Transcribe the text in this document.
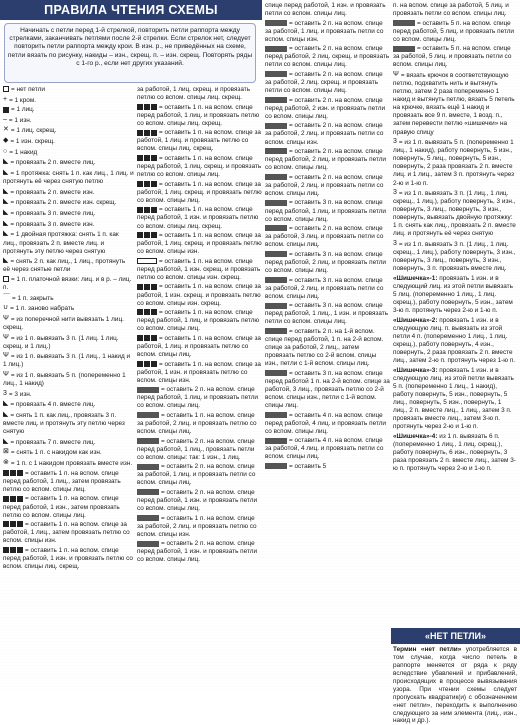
ПРАВИЛА ЧТЕНИЯ СХЕМЫ
Начинать с петли перед 1-й стрелкой, повторить петли раппорта между стрелками, заканчивать петлями после 2-й стрелки. Если стрелок нет, следует повторить петли раппорта между крои. В изн. р., не приведённых на схеме, петли вязать по рисунку, накиды – изн., скрещ. п. – изн. скрещ. Повторять ряды с 1-го р., если нет других указаний.
= нет петли
+ = 1 кром.
= 1 лиц.
– = 1 изн.
✕ = 1 лиц. скрещ.
◆ = 1 изн. скрещ.
○ = 1 накид
◣ = провязать 2 п. вместе лиц.
◣ = 1 протяжка: снять 1 п. как лиц., 1 лиц. и протянуть её через снятую петлю
◣ = провязать 2 п. вместе изн.
◣ = провязать 2 п. вместе изн. скрещ.
◣ = провязать 3 п. вместе лиц.
◣ = провязать 3 п. вместе изн.
◣ = 1 двойная протяжка: снять 1 п. как лиц., провязать 2 п. вместе лиц. и протянуть эту петлю через снятую
◣ = снять 2 п. как лиц., 1 лиц., протянуть её через снятые петли
= 1 п. платочной вязки: лиц. и в р. – лиц. п.
⌒ = 1 п. закрыть
∪ = 1 п. заново набрать
Ψ = из поперечной нити вывязать 1 лиц. скрещ.
Ψ = из 1 п. вывязать 3 п. (1 лиц. 1 лиц. скрещ. и 1 лиц.)
Ψ = из 1 п. вывязать 3 п. (1 лиц., 1 накид и 1 лиц.)
Ψ = из 1 п. вывязать 5 п. (попеременно 1 лиц., 1 накид)
3 = 3 изн.
◣ = провязать 4 п. вместе лиц.
◣ = снять 1 п. как лиц., провязать 3 п. вместе лиц. и протянуть эту петлю через снятую
◣ = провязать 7 п. вместе лиц.
⊠ = снять 1 п. с накидом как изн.
⊗ = 1 п. с 1 накидом провязать вместе изн.
= оставить 1 п. на вспом. спице перед работой, 1 лиц., затем провязать петлю со вспом. спицы лиц.
= оставить 1 п. на вспом. спице перед работой, 1 изн., затем провязать петлю со вспом. спицы лиц.
= оставить 1 п. на вспом. спице за работой, 1 лиц., затем провязать петлю со вспом. спицы изн.
= оставить 1 п. на вспом. спице перед работой, 1 изн. и провязать петлю со вспом. спицы лиц. скрещ.
за работой, 1 лиц. скрещ. и провязать петлю со вспом. спицы лиц. скрещ.
= оставить 1 п. на вспом. спице перед работой, 1 лиц. и провязать петлю со вспом. спицы лиц. скрещ.
= оставить 1 п. на вспом. спице за работой, 1 лиц. и провязать петлю со вспом. спицы лиц. скрещ.
= оставить 1 п. на вспом. спице перед работой, 1 лиц. скрещ. и провязать петлю со вспом. спицы лиц.
= оставить 1 п. на вспом. спице за работой, 1 лиц. скрещ. и провязать петлю со вспом. спицы лиц.
= оставить 1 п. на вспом. спице перед работой, 1 изн. и провязать петлю со вспом. спицы лиц. скрещ.
= оставить 1 п. на вспом. спице за работой, 1 лиц. скрещ. и провязать петлю со вспом. спицы изн.
= оставить 1 п. на вспом. спице перед работой, 1 изн. скрещ. и провязать петлю со вспом. спицы изн. скрещ.
= оставить 1 п. на вспом. спице за работой, 1 изн. скрещ. и провязать петлю со вспом. спицы изн. скрещ.
= оставить 1 п. на вспом. спице перед работой, 1 лиц. и провязать петлю со вспом. спицы лиц.
= оставить 1 п. на вспом. спице за работой, 1 лиц. и провязать петлю со вспом. спицы лиц.
= оставить 1 п. на вспом. спице за работой, 1 изн. и провязать петлю со вспом. спицы изн.
= оставить 2 п. на вспом. спице перед работой, 1 лиц. и провязать петли со вспом. спицы лиц.
= оставить 1 п. на вспом. спице за работой, 2 лиц. и провязать петлю со вспом. спицы лиц.
= оставить 2 п. на вспом. спице перед работой, 1 лиц., провязать петли со вспом. спицы: так: 1 изн., 1 лиц.
= оставить 2 п. на вспом. спице за работой, 1 лиц. и провязать петли со вспом. спицы лиц.
= оставить 2 п. на вспом. спице перед работой, 1 изн. и провязать петли со вспом. спицы лиц.
= оставить 1 п. на вспом. спице за работой, 2 лиц. и провязать петлю со вспом. спицы изн.
= оставить 2 п. на вспом. спице перед работой, 1 изн. и провязать петли со вспом. спицы лиц.
спице перед работой, 1 изн. и провязать петли со вспом. спицы лиц.
= оставить 2 п. на вспом. спице за работой, 1 лиц. и провязать петли со вспом. спицы изн.
= оставить 2 п. на вспом. спице перед работой, 2 лиц. скрещ. и провязать петли со вспом. спицы лиц.
= оставить 2 п. на вспом. спице за работой, 2 лиц. скрещ. и провязать петли со вспом. спицы лиц.
= оставить 2 п. на вспом. спице перед работой, 2 изн. и провязать петли со вспом. спицы лиц.
= оставить 2 п. на вспом. спице за работой, 2 лиц. и провязать петли со вспом. спицы изн.
= оставить 2 п. на вспом. спице перед работой, 2 лиц. и провязать петли со вспом. спицы лиц.
= оставить 2 п. на вспом. спице за работой, 2 лиц. и провязать петли со вспом. спицы лиц.
= оставить 3 п. на вспом. спице перед работой, 1 лиц. и провязать петли со вспом. спицы лиц.
= оставить 2 п. на вспом. спице за работой, 3 лиц. и провязать петли со вспом. спицы лиц.
= оставить 3 п. на вспом. спице перед работой, 2 лиц. и провязать петли со вспом. спицы лиц.
= оставить 3 п. на вспом. спице за работой, 2 лиц. и провязать петли со вспом. спицы лиц.
= оставить 3 п. на вспом. спице перед работой, 1 лиц., 1 изн. и провязать петли со вспом. спицы лиц.
= оставить 2 п. на 1-й вспом. спице перед работой, 1 п. на 2-й вспом. спице за работой, 2 лиц., затем провязать петлю со 2-й вспом. спицы изн., петли с 1-й вспом. спицы лиц.
= оставить 3 п. на вспом. спице перед работой 1 п. на 2-й вспом. спице за работой, 3 лиц., провязать петлю со 2-й вспом. спицы изн., петли с 1-й вспом. спицы лиц.
= оставить 4 п. на вспом. спице перед работой, 4 лиц. и провязать петли со вспом. спицы лиц.
= оставить 4 п. на вспом. спице за работой, 4 лиц. и провязать петли со вспом. спицы лиц.
= оставить 5
п. на вспом. спице за работой, 5 лиц. и провязать петли со вспом. спицы лиц.
= оставить 5 п. на вспом. спице перед работой, 5 лиц. и провязать петли со вспом. спицы лиц.
= оставить 5 п. на вспом. спице за работой, 5 лиц. и провязать петли со вспом. спицы лиц.
Ψ = вязать крючок в соответствующую петлю, подхватить нить и вытянуть петлю, затем 2 раза попеременно 1 накид и вытянуть петлю, вязать 5 петель на крючке, вязать ещё 1 накид и провязать все 9 п. вместе, 1 возд. п., затем перевести петлю «шишечки» на правую спицу
3 = из 1 п. вывязать 5 п. (попеременно 1 лиц., 1 накид), работу повернуть, 5 изн., повернуть, 5 лиц., повернуть, 5 изн., повернуть, 2 раза провязать 2 п. вместе лиц. и 1 лиц., затем 3 п. протянуть через 2-ю и 1-ю п.
3 = из 1 п. вывязать 3 п. (1 лиц., 1 лиц. скрещ., 1 лиц.), работу повернуть, 3 изн., повернуть, 3 лиц., повернуть, 3 изн., повернуть, вывязать двойную протяжку: 1 п. снять как лиц., провязать 2 п. вместе лиц. и протянуть её через снятую
3 = из 1 п. вывязать 3 п. (1 лиц., 1 лиц. скрещ., 1 лиц.), работу повернуть, 3 изн., повернуть, 3 лиц., повернуть, 3 изн., повернуть, 3 п. провязать вместе лиц.
«Шишечка»-1: провязать 1 изн. и в следующий лиц. из этой петли вывязать 5 лиц. (попеременно 1 лиц., 1 лиц. скрещ.), работу повернуть, 5 изн., затем 3-ю п. протянуть через 2-ю и 1-ю п.
«Шишечка»-2: провязать 1 изн. и в следующую лиц. п. вывязать из этой петли 4 п. (попеременно 1 лиц., 1 лиц. скрещ.), работу повернуть, 4 изн., повернуть, 2 раза провязать 2 п. вместе лиц., затем 2-ю п. протянуть через 1-ю п.
«Шишечка»-3: провязать 1 изн. и в следующую лиц. из этой петли вывязать 5 п. (попеременно 1 лиц., 1 накид), работу повернуть, 5 изн., повернуть, 5 лиц., повернуть, 5 изн., повернуть, 1 лиц., 2 п. вместе лиц., 1 лиц., затем 3 п. провязать вместе лиц., затем 3-ю п. протянуть через 2-ю и 1-ю п.
«Шишечка»-4: из 1 п. вывязать 6 п. (попеременно 1 лиц., 1 лиц. скрещ.), работу повернуть, 6 изн., повернуть, 3 раза провязать 2 п. вместе лиц., затем 3-ю п. протянуть через 2-ю и 1-ю п.
«НЕТ ПЕТЛИ»
Термин «нет петли» употребляется в том случае, когда число петель в раппорте меняется от ряда к ряду вследствие убавлений и прибавлений, происходящих в процессе вывязывания узора. При чтении схемы следует пропускать квадратик(и) с обозначением «нет петли», переходить к выполнению следующего за ним элемента (лиц., изн., накид и др.).
